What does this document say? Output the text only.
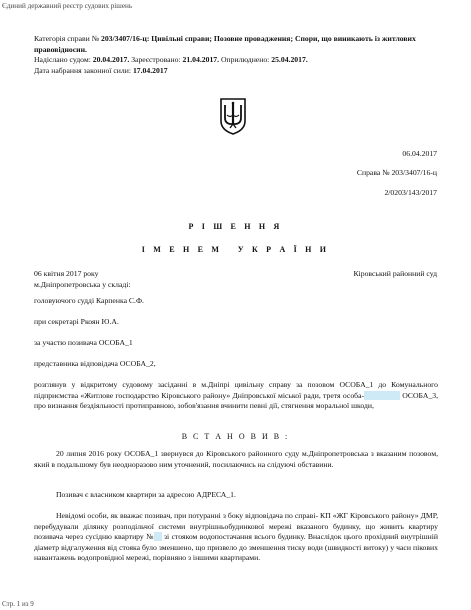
Єдиний державний реєстр судових рішень
Категорія справи № 203/3407/16-ц: Цивільні справи; Позовне провадження; Спори, що виникають із житлових правовідносин.
Надіслано судом: 20.04.2017. Зареєстровано: 21.04.2017. Оприлюднено: 25.04.2017.
Дата набрання законної сили: 17.04.2017
06.04.2017
Справа № 203/3407/16-ц
2/0203/143/2017
Р І Ш Е Н Н Я
І М Е Н Е М   У К Р А Ї Н И
06 квітня 2017 року	Кіровський районний суд
м.Дніпропетровська у складі:
головуючого судді Карпенка С.Ф.
при секретарі Ркоян Ю.А.
за участю позивача ОСОБА_1
представника відповідача ОСОБА_2,
розглянув у відкритому судовому засіданні в м.Дніпрі цивільну справу за позовом ОСОБА_1 до Комунального підприємства «Житлове господарство Кіровського району» Дніпровської міської ради, третя особа-ОСОБА_4, ОСОБА_3, про визнання бездіяльності протиправною, зобов'язання вчинити певні дії, стягнення моральної шкоди,
В С Т А Н О В И В :
20 липня 2016 року ОСОБА_1 звернувся до Кіровського районного суду м.Дніпропетровська з вказаним позовом, який в подальшому був неодноразово ним уточнений, посилаючись на слідуючі обставини.
Позивач є власником квартири за адресою АДРЕСА_1.
Невідомі особи, як вважає позивач, при потуранні з боку відповідача по справі- КП «ЖГ Кіровського району» ДМР, перебудували ділянку розподільчої системи внутрішньобудинкової мережі вказаного будинку, що живить квартиру позивача через сусідню квартиру №00 зі стояком водопостачання всього будинку. Внаслідок цього прохідний внутрішній діаметр відгалуження від стояка було зменшено, що призвело до зменшення тиску води (швидкості витоку) у часи пікових навантажень водопровідної мережі, порівняно з іншими квартирами.
Стр. 1 из 9
